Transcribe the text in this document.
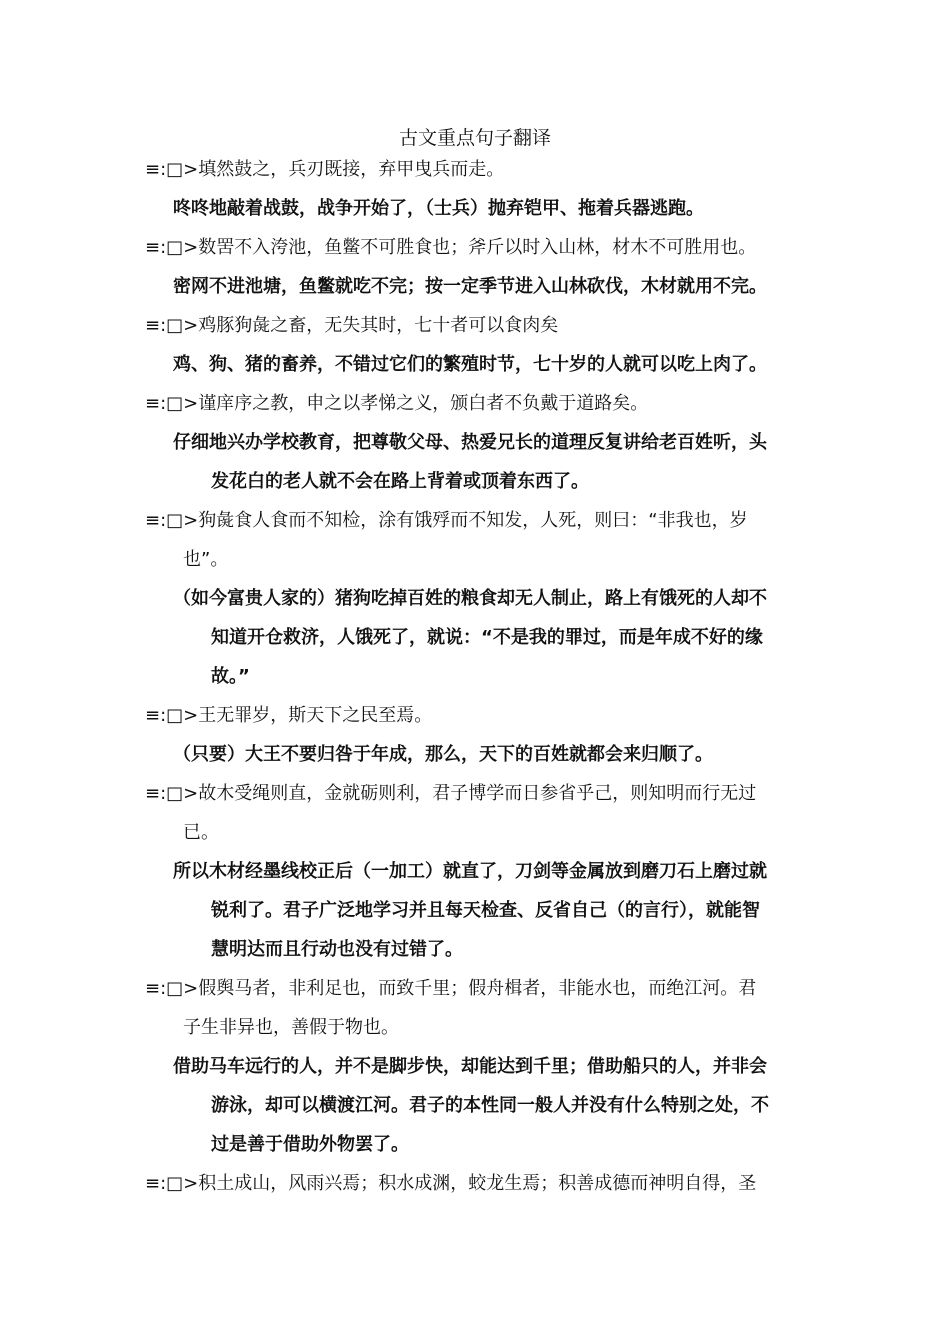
古文重点句子翻译
≡:□>填然鼓之，兵刃既接，弃甲曳兵而走。
咚咚地敲着战鼓，战争开始了，（士兵）抛弃铠甲、拖着兵器逃跑。
≡:□>数罟不入洿池，鱼鳖不可胜食也；斧斤以时入山林，材木不可胜用也。
密网不进池塘，鱼鳖就吃不完；按一定季节进入山林砍伐，木材就用不完。
≡:□>鸡豚狗彘之畜，无失其时，七十者可以食肉矣
鸡、狗、猪的畜养，不错过它们的繁殖时节，七十岁的人就可以吃上肉了。
≡:□>谨庠序之教，申之以孝悌之义，颁白者不负戴于道路矣。
仔细地兴办学校教育，把尊敬父母、热爱兄长的道理反复讲给老百姓听，头
发花白的老人就不会在路上背着或顶着东西了。
≡:□>狗彘食人食而不知检，涂有饿殍而不知发，人死，则曰：“非我也，岁
也”。
（如今富贵人家的）猪狗吃掉百姓的粮食却无人制止，路上有饿死的人却不
知道开仓救济，人饿死了，就说：“不是我的罪过，而是年成不好的缘
故。”
≡:□>王无罪岁，斯天下之民至焉。
（只要）大王不要归咎于年成，那么，天下的百姓就都会来归顺了。
≡:□>故木受绳则直，金就砺则利，君子博学而日参省乎己，则知明而行无过
已。
所以木材经墨线校正后（一加工）就直了，刀剑等金属放到磨刀石上磨过就
锐利了。君子广泛地学习并且每天检查、反省自己（的言行），就能智
慧明达而且行动也没有过错了。
≡:□>假舆马者，非利足也，而致千里；假舟楫者，非能水也，而绝江河。君
子生非异也，善假于物也。
借助马车远行的人，并不是脚步快，却能达到千里；借助船只的人，并非会
游泳，却可以横渡江河。君子的本性同一般人并没有什么特别之处，不
过是善于借助外物罢了。
≡:□>积土成山，风雨兴焉；积水成渊，蛟龙生焉；积善成德而神明自得，圣
